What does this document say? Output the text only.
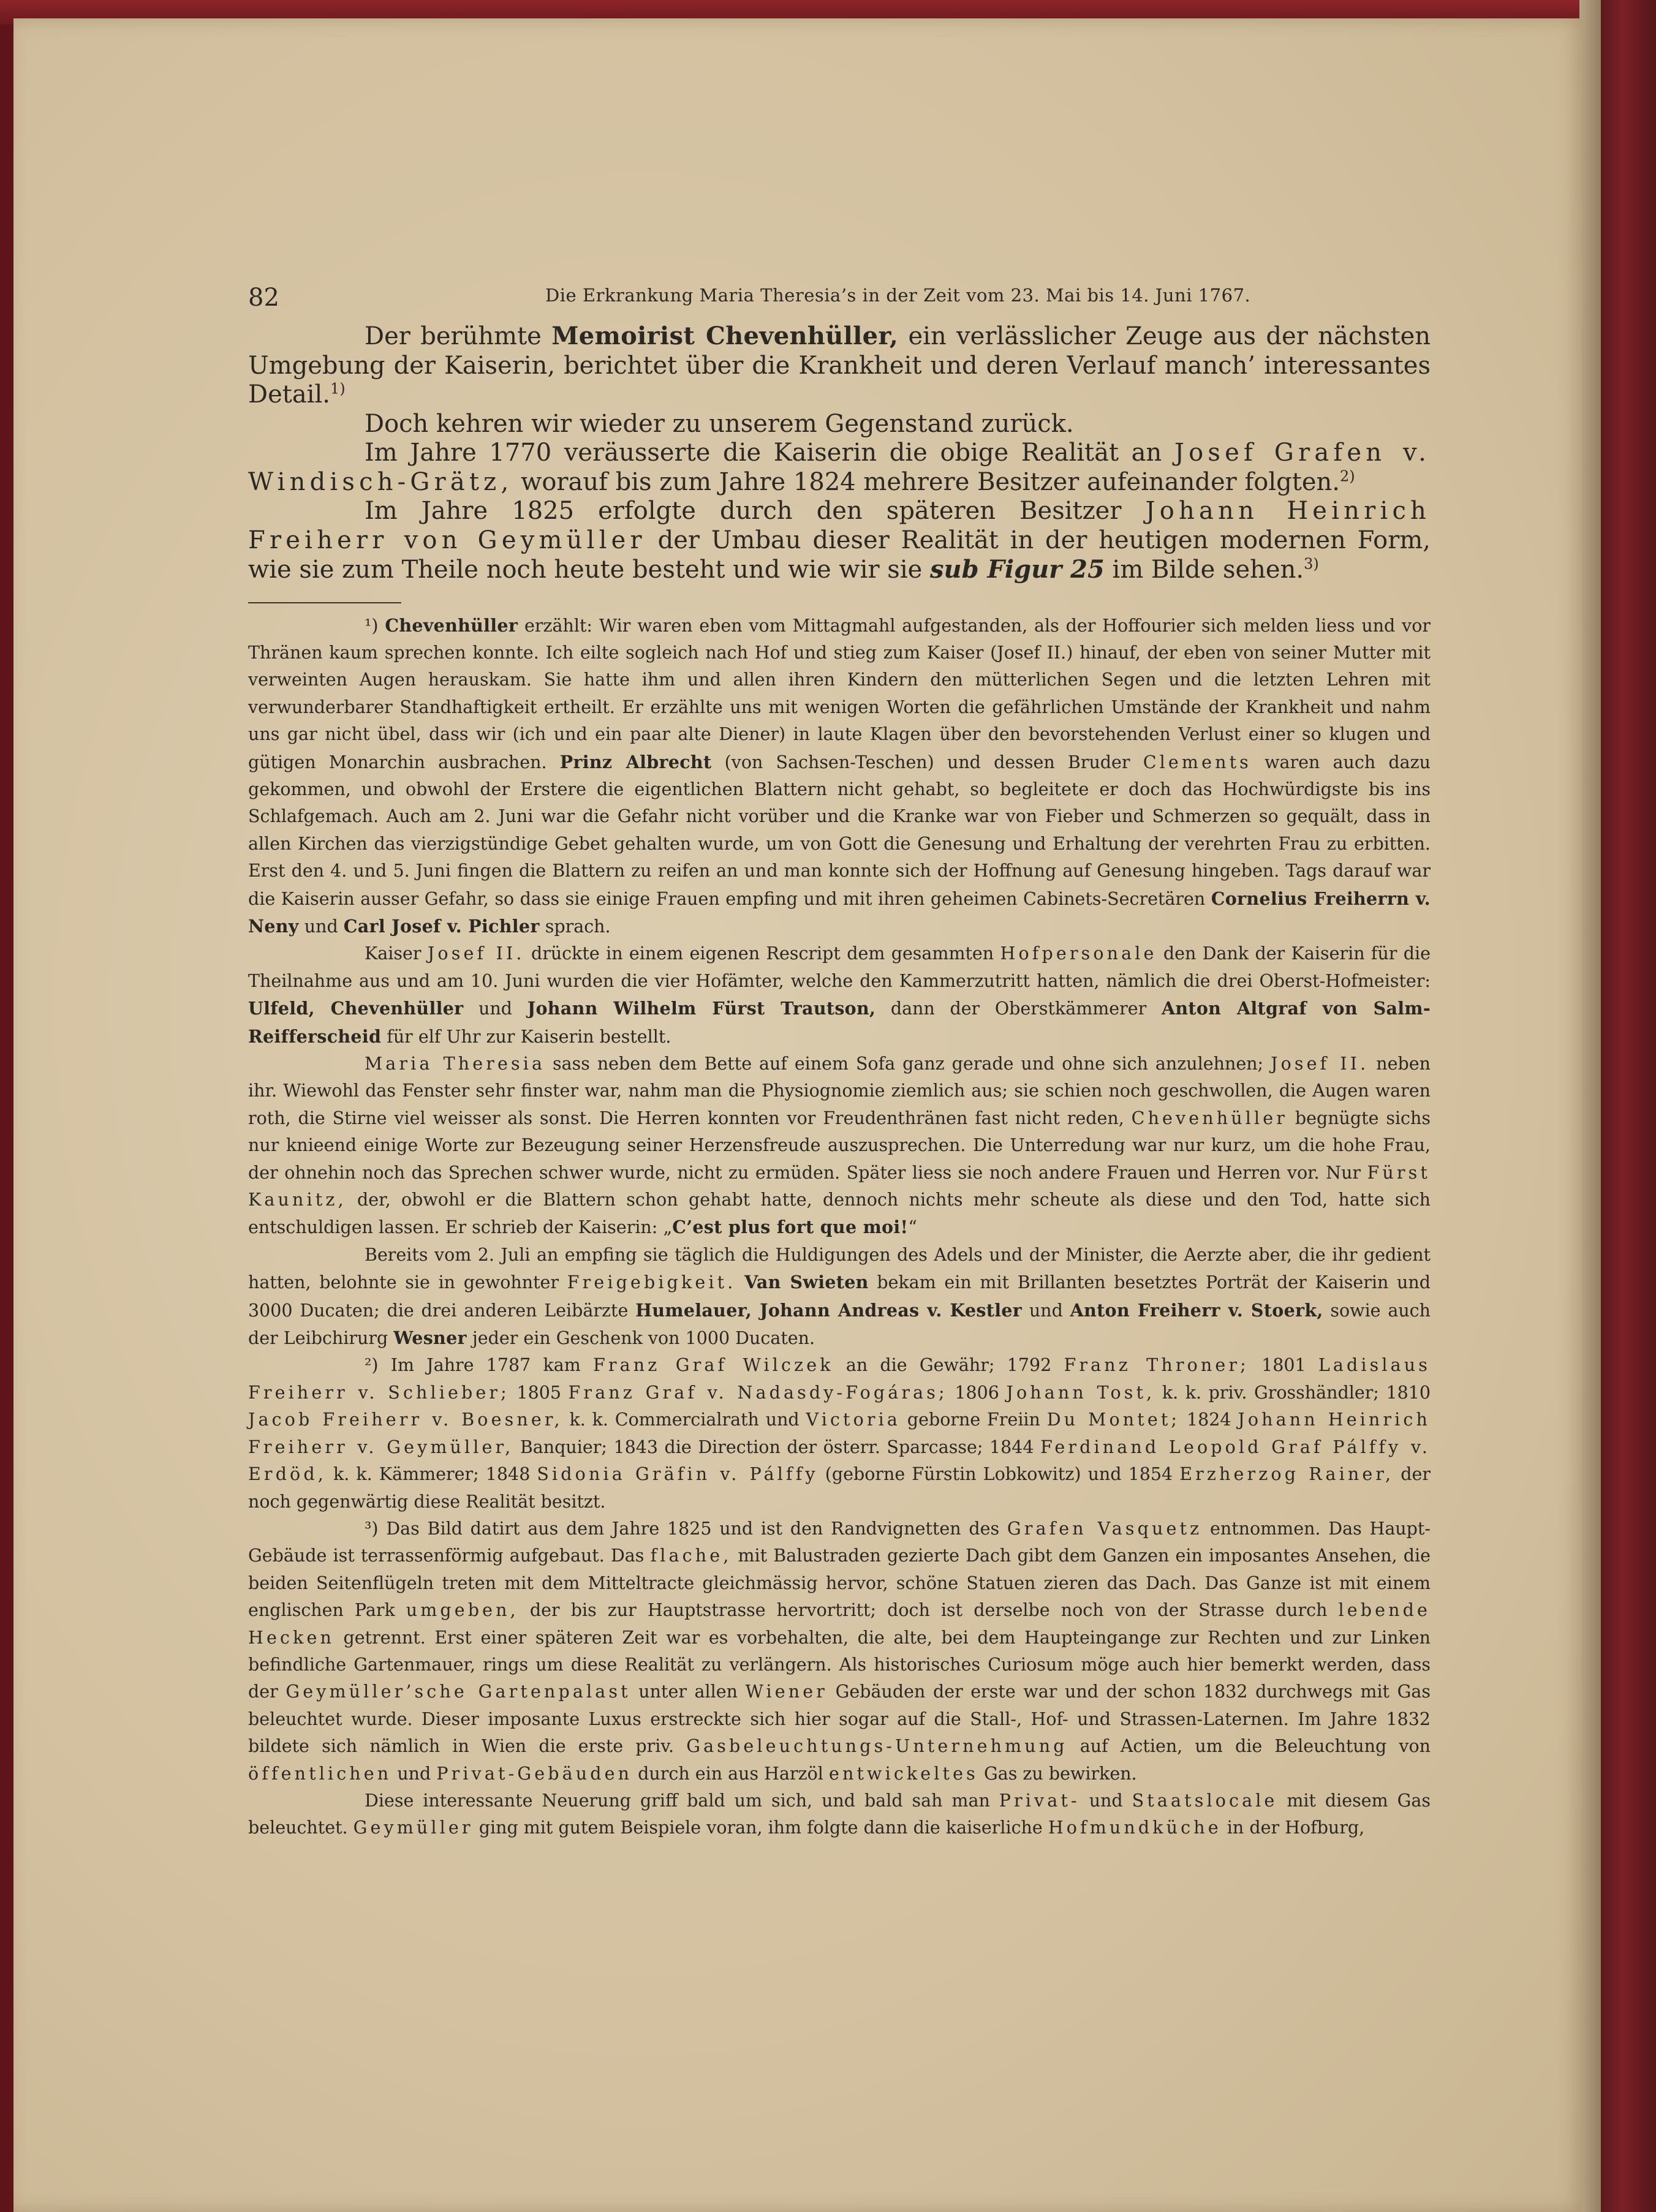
82	Die Erkrankung Maria Theresia’s in der Zeit vom 23. Mai bis 14. Juni 1767.

Der berühmte Memoirist Chevenhüller, ein verlässlicher Zeuge aus der nächsten Umgebung der Kaiserin, berichtet über die Krankheit und deren Verlauf manch’ interessantes Detail.$^{1)}$

Doch kehren wir wieder zu unserem Gegenstand zurück.

Im Jahre 1770 veräusserte die Kaiserin die obige Realität an Josef Grafen v. Windisch-Grätz, worauf bis zum Jahre 1824 mehrere Besitzer aufeinander folgten.$^{2)}$

Im Jahre 1825 erfolgte durch den späteren Besitzer Johann Heinrich Freiherr von Geymüller der Umbau dieser Realität in der heutigen modernen Form, wie sie zum Theile noch heute besteht und wie wir sie sub Figur 25 im Bilde sehen.$^{3)}$

¹) Chevenhüller erzählt: Wir waren eben vom Mittagmahl aufgestanden, als der Hoffourier sich melden liess und vor Thränen kaum sprechen konnte. Ich eilte sogleich nach Hof und stieg zum Kaiser (Josef II.) hinauf, der eben von seiner Mutter mit verweinten Augen herauskam. Sie hatte ihm und allen ihren Kindern den mütterlichen Segen und die letzten Lehren mit verwunderbarer Standhaftigkeit ertheilt. Er erzählte uns mit wenigen Worten die gefährlichen Umstände der Krankheit und nahm uns gar nicht übel, dass wir (ich und ein paar alte Diener) in laute Klagen über den bevorstehenden Verlust einer so klugen und gütigen Monarchin ausbrachen. Prinz Albrecht (von Sachsen-Teschen) und dessen Bruder Clements waren auch dazu gekommen, und obwohl der Erstere die eigentlichen Blattern nicht gehabt, so begleitete er doch das Hochwürdigste bis ins Schlafgemach. Auch am 2. Juni war die Gefahr nicht vorüber und die Kranke war von Fieber und Schmerzen so gequält, dass in allen Kirchen das vierzigstündige Gebet gehalten wurde, um von Gott die Genesung und Erhaltung der verehrten Frau zu erbitten. Erst den 4. und 5. Juni fingen die Blattern zu reifen an und man konnte sich der Hoffnung auf Genesung hingeben. Tags darauf war die Kaiserin ausser Gefahr, so dass sie einige Frauen empfing und mit ihren geheimen Cabinets-Secretären Cornelius Freiherrn v. Neny und Carl Josef v. Pichler sprach.

Kaiser Josef II. drückte in einem eigenen Rescript dem gesammten Hofpersonale den Dank der Kaiserin für die Theilnahme aus und am 10. Juni wurden die vier Hofämter, welche den Kammerzutritt hatten, nämlich die drei Oberst-Hofmeister: Ulfeld, Chevenhüller und Johann Wilhelm Fürst Trautson, dann der Oberstkämmerer Anton Altgraf von Salm-Reifferscheid für elf Uhr zur Kaiserin bestellt.

Maria Theresia sass neben dem Bette auf einem Sofa ganz gerade und ohne sich anzulehnen; Josef II. neben ihr. Wiewohl das Fenster sehr finster war, nahm man die Physiognomie ziemlich aus; sie schien noch geschwollen, die Augen waren roth, die Stirne viel weisser als sonst. Die Herren konnten vor Freudenthränen fast nicht reden, Chevenhüller begnügte sichs nur knieend einige Worte zur Bezeugung seiner Herzensfreude auszusprechen. Die Unterredung war nur kurz, um die hohe Frau, der ohnehin noch das Sprechen schwer wurde, nicht zu ermüden. Später liess sie noch andere Frauen und Herren vor. Nur Fürst Kaunitz, der, obwohl er die Blattern schon gehabt hatte, dennoch nichts mehr scheute als diese und den Tod, hatte sich entschuldigen lassen. Er schrieb der Kaiserin: „C’est plus fort que moi!“

Bereits vom 2. Juli an empfing sie täglich die Huldigungen des Adels und der Minister, die Aerzte aber, die ihr gedient hatten, belohnte sie in gewohnter Freigebigkeit. Van Swieten bekam ein mit Brillanten besetztes Porträt der Kaiserin und 3000 Ducaten; die drei anderen Leibärzte Humelauer, Johann Andreas v. Kestler und Anton Freiherr v. Stoerk, sowie auch der Leibchirurg Wesner jeder ein Geschenk von 1000 Ducaten.

²) Im Jahre 1787 kam Franz Graf Wilczek an die Gewähr; 1792 Franz Throner; 1801 Ladislaus Freiherr v. Schlieber; 1805 Franz Graf v. Nadasdy-Fogáras; 1806 Johann Tost, k. k. priv. Grosshändler; 1810 Jacob Freiherr v. Boesner, k. k. Commercialrath und Victoria geborne Freiin Du Montet; 1824 Johann Heinrich Freiherr v. Geymüller, Banquier; 1843 die Direction der österr. Sparcasse; 1844 Ferdinand Leopold Graf Pálffy v. Erdöd, k. k. Kämmerer; 1848 Sidonia Gräfin v. Pálffy (geborne Fürstin Lobkowitz) und 1854 Erzherzog Rainer, der noch gegenwärtig diese Realität besitzt.

³) Das Bild datirt aus dem Jahre 1825 und ist den Randvignetten des Grafen Vasquetz entnommen. Das Haupt-Gebäude ist terrassenförmig aufgebaut. Das flache, mit Balustraden gezierte Dach gibt dem Ganzen ein imposantes Ansehen, die beiden Seitenflügeln treten mit dem Mitteltracte gleichmässig hervor, schöne Statuen zieren das Dach. Das Ganze ist mit einem englischen Park umgeben, der bis zur Hauptstrasse hervortritt; doch ist derselbe noch von der Strasse durch lebende Hecken getrennt. Erst einer späteren Zeit war es vorbehalten, die alte, bei dem Haupteingange zur Rechten und zur Linken befindliche Gartenmauer, rings um diese Realität zu verlängern. Als historisches Curiosum möge auch hier bemerkt werden, dass der Geymüller’sche Gartenpalast unter allen Wiener Gebäuden der erste war und der schon 1832 durchwegs mit Gas beleuchtet wurde. Dieser imposante Luxus erstreckte sich hier sogar auf die Stall-, Hof- und Strassen-Laternen. Im Jahre 1832 bildete sich nämlich in Wien die erste priv. Gasbeleuchtungs-Unternehmung auf Actien, um die Beleuchtung von öffentlichen und Privat-Gebäuden durch ein aus Harzöl entwickeltes Gas zu bewirken.

Diese interessante Neuerung griff bald um sich, und bald sah man Privat- und Staatslocale mit diesem Gas beleuchtet. Geymüller ging mit gutem Beispiele voran, ihm folgte dann die kaiserliche Hofmundküche in der Hofburg,
